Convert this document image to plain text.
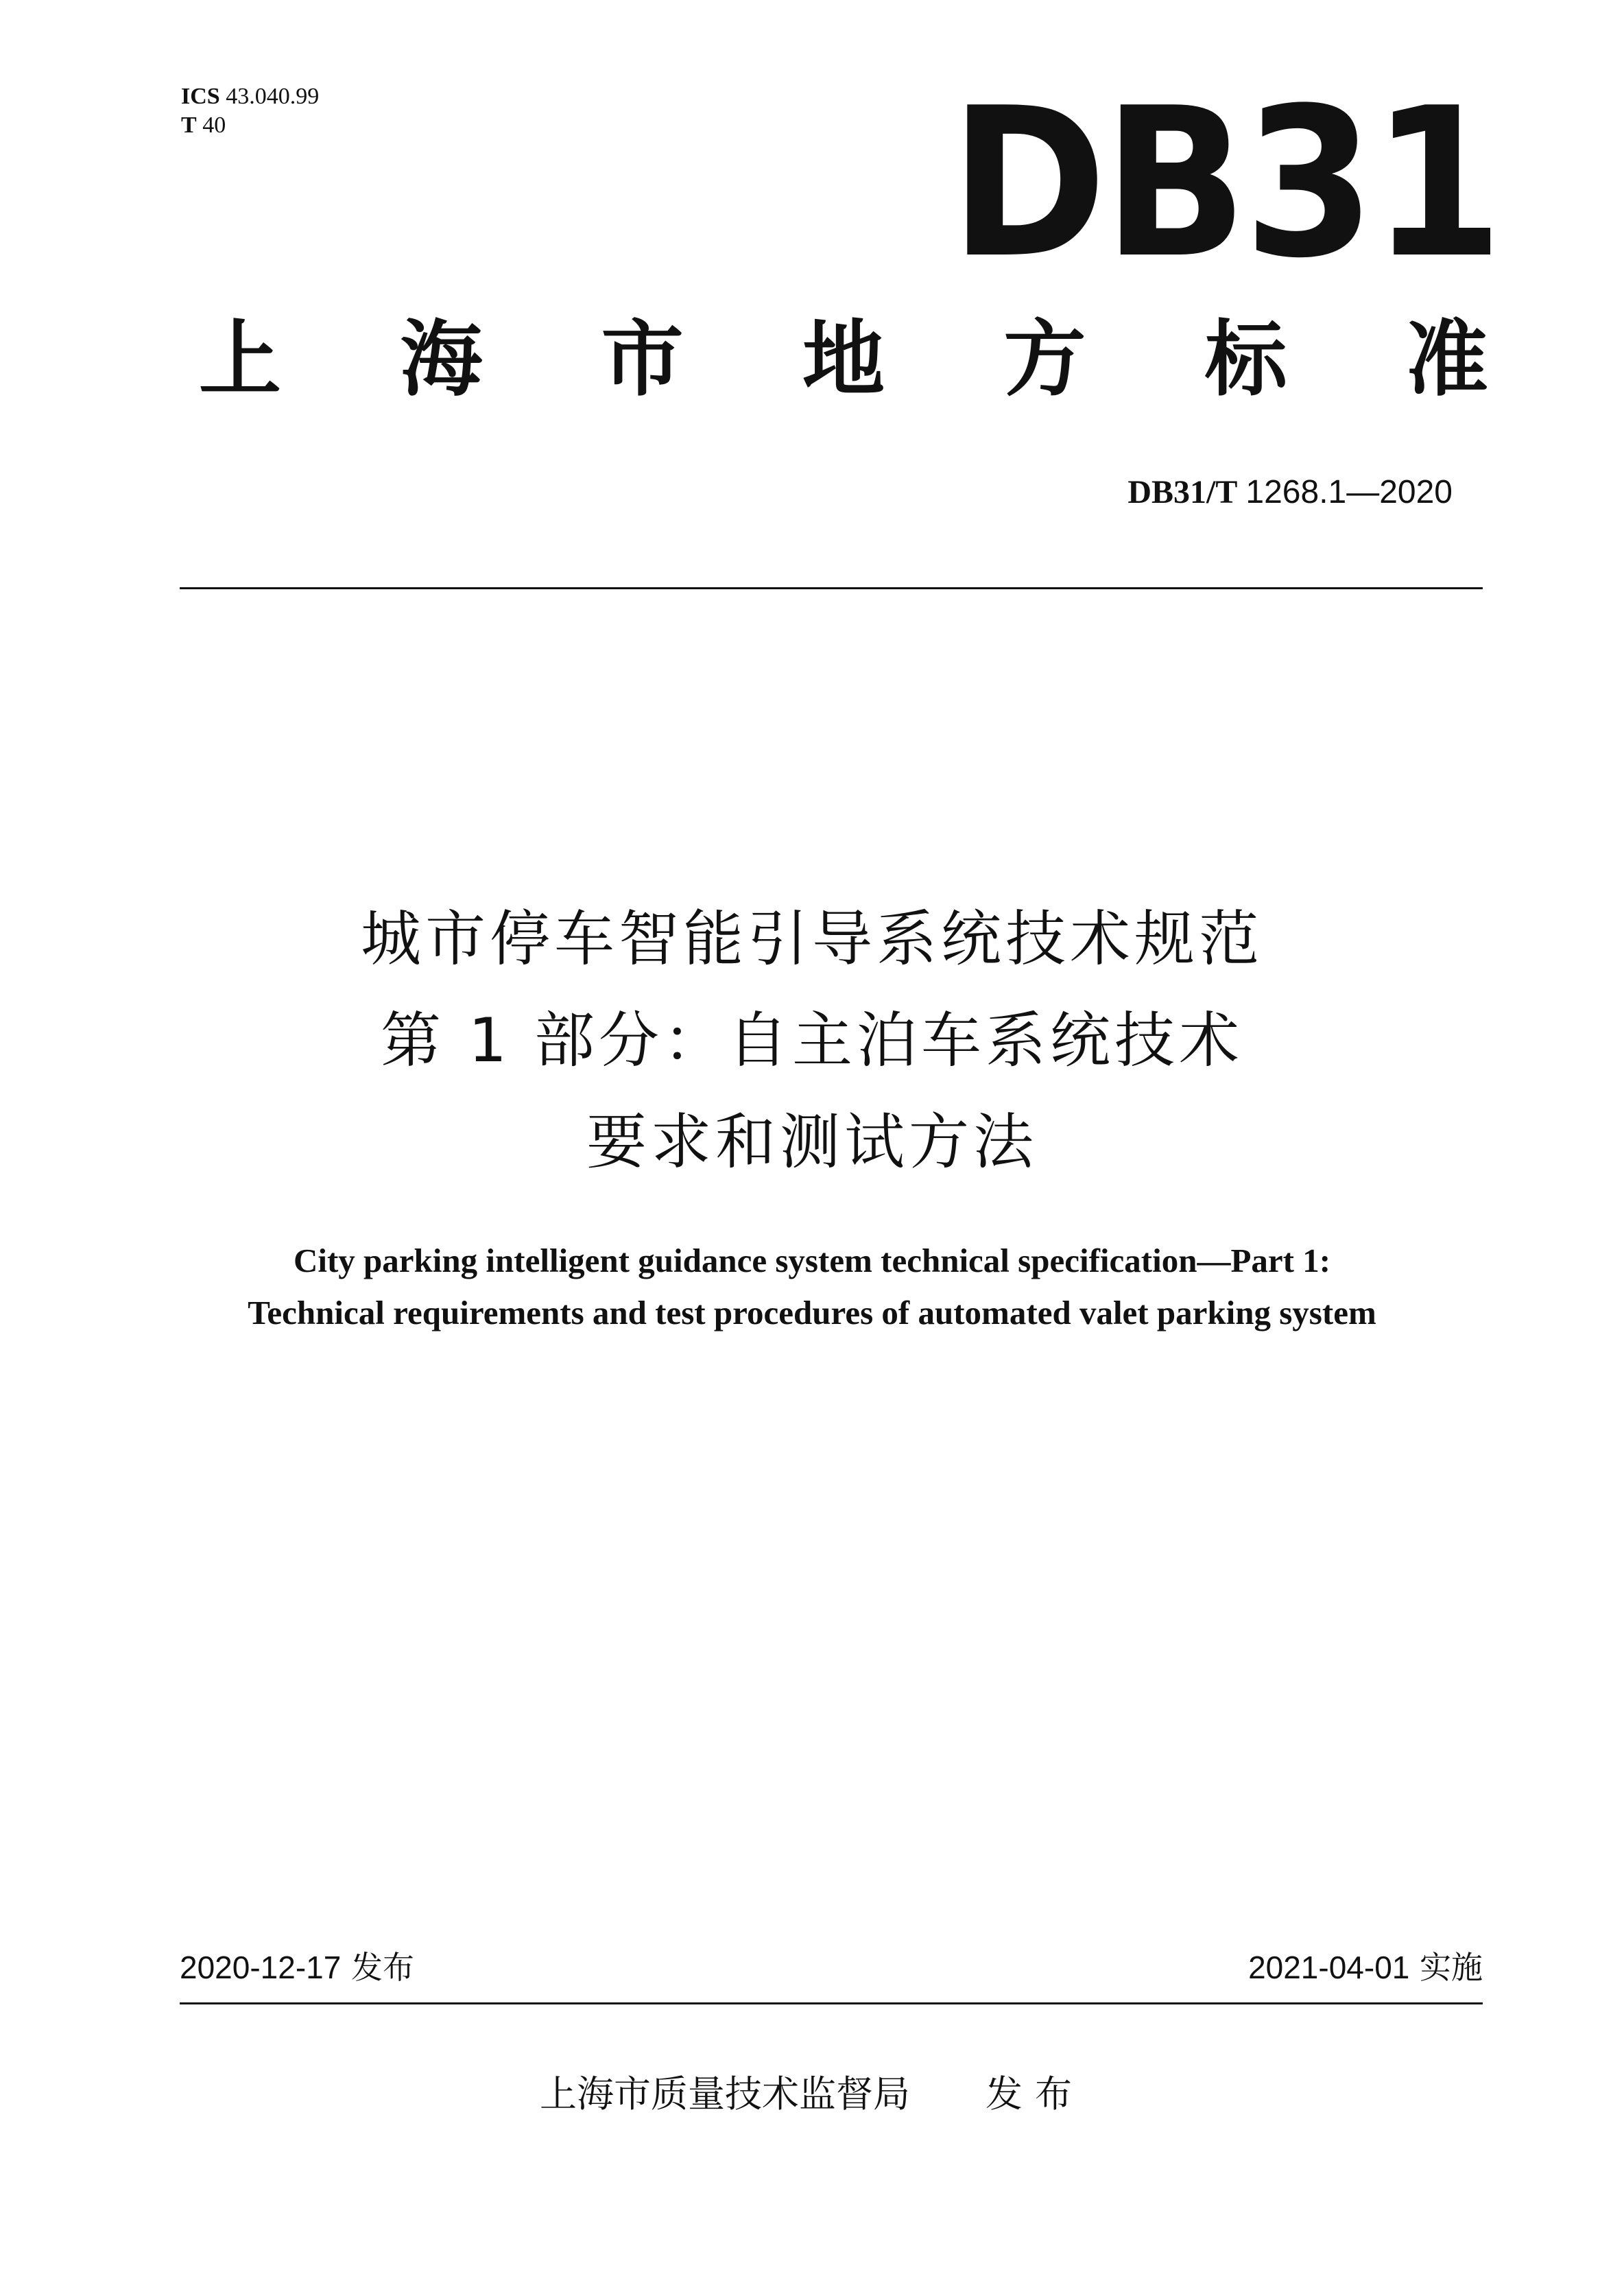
ICS 43.040.99
T 40	DB31
上 海 市 地 方 标 准
DB31/T 1268.1—2020
城市停车智能引导系统技术规范
第 1 部分：自主泊车系统技术
要求和测试方法
City parking intelligent guidance system technical specification—Part 1:
Technical requirements and test procedures of automated valet parking system
2020-12-17 发布	2021-04-01 实施
上海市质量技术监督局 发布
